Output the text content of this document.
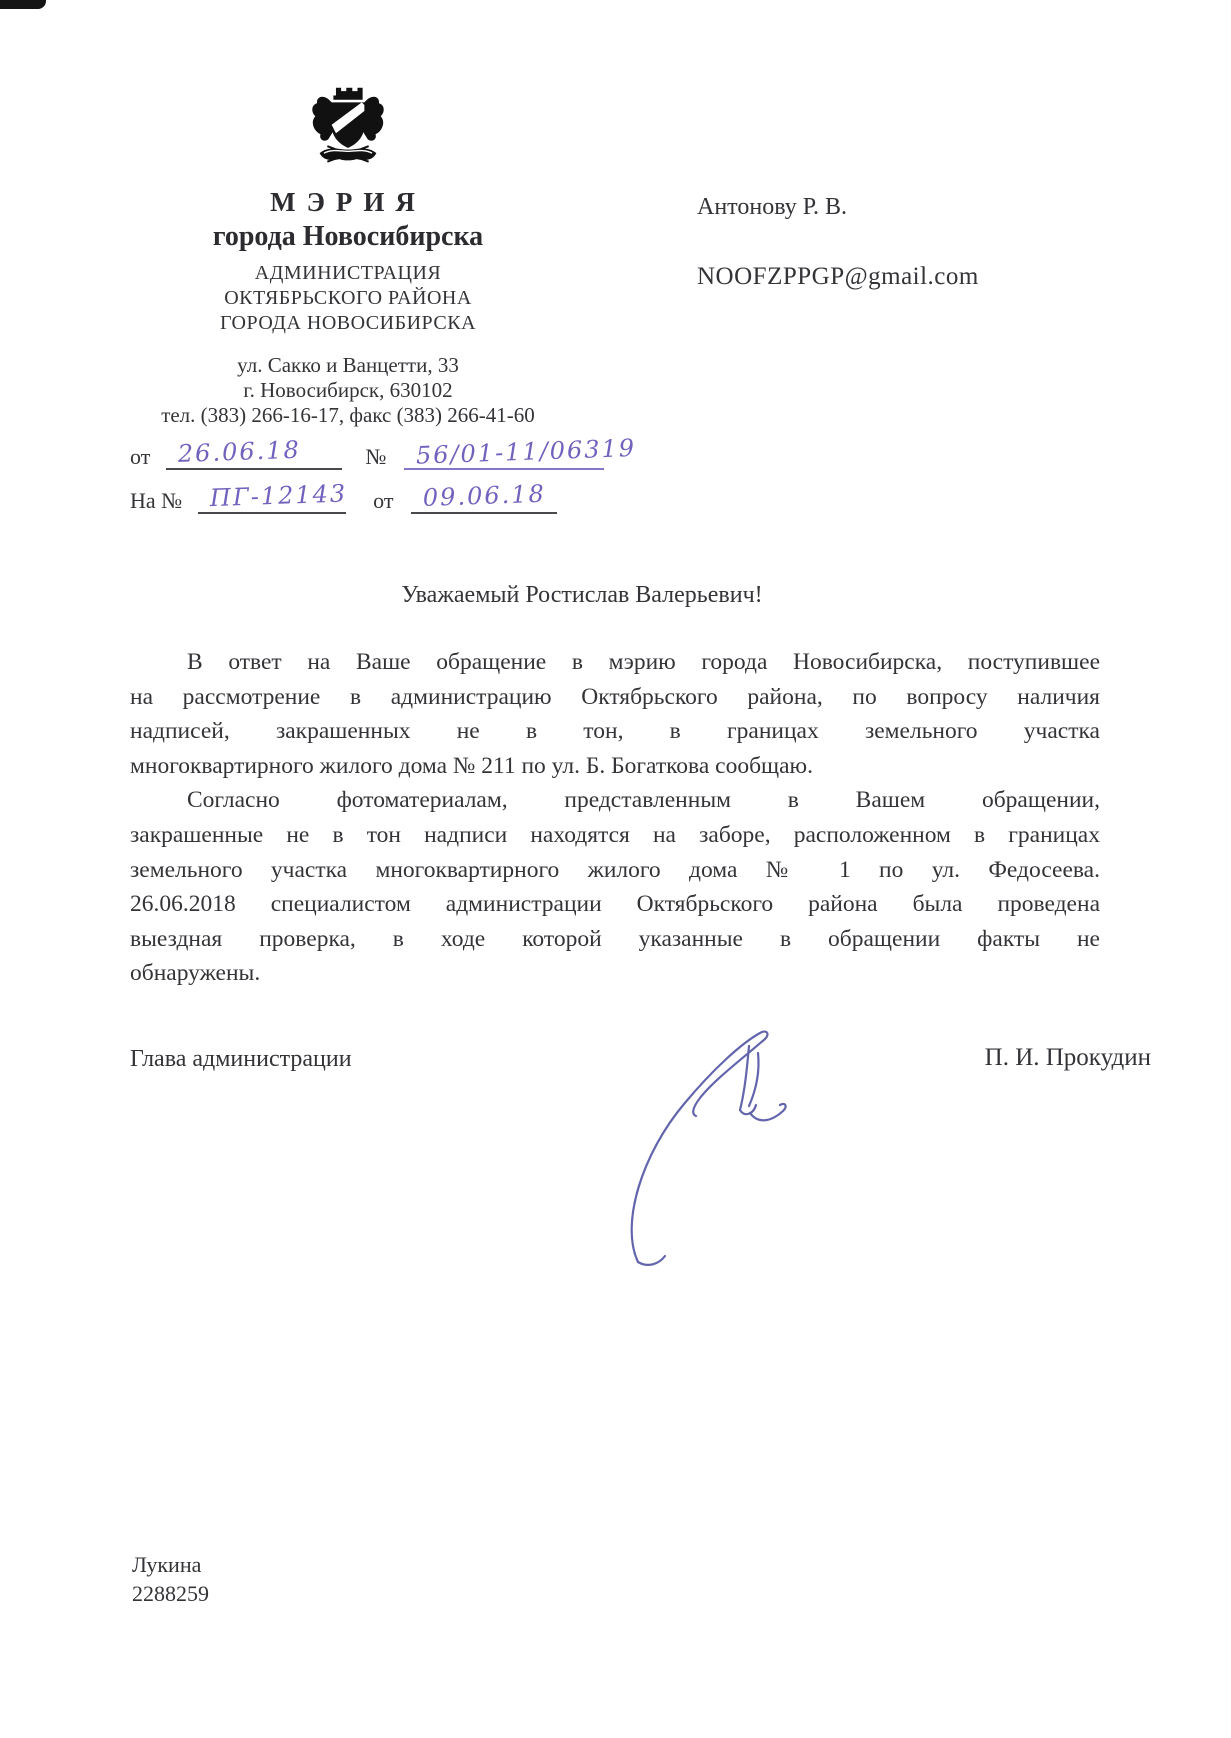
МЭРИЯ
города Новосибирска
АДМИНИСТРАЦИЯ
ОКТЯБРЬСКОГО РАЙОНА
ГОРОДА НОВОСИБИРСКА
ул. Сакко и Ванцетти, 33
г. Новосибирск, 630102
тел. (383) 266-16-17, факс (383) 266-41-60
от 26.06.18	№ 56/01-11/06319
На № ПГ-12143 от 09.06.18
Антонову Р. В.
NOOFZPPGP@gmail.com
Уважаемый Ростислав Валерьевич!
В ответ на Ваше обращение в мэрию города Новосибирска, поступившее
на рассмотрение в администрацию Октябрьского района, по вопросу наличия
надписей, закрашенных не в тон, в границах земельного участка
многоквартирного жилого дома № 211 по ул. Б. Богаткова сообщаю.
Согласно фотоматериалам, представленным в Вашем обращении,
закрашенные не в тон надписи находятся на заборе, расположенном в границах
земельного участка многоквартирного жилого дома № 1 по ул. Федосеева.
26.06.2018 специалистом администрации Октябрьского района была проведена
выездная проверка, в ходе которой указанные в обращении факты не
обнаружены.
Глава администрации	П. И. Прокудин
Лукина
2288259
